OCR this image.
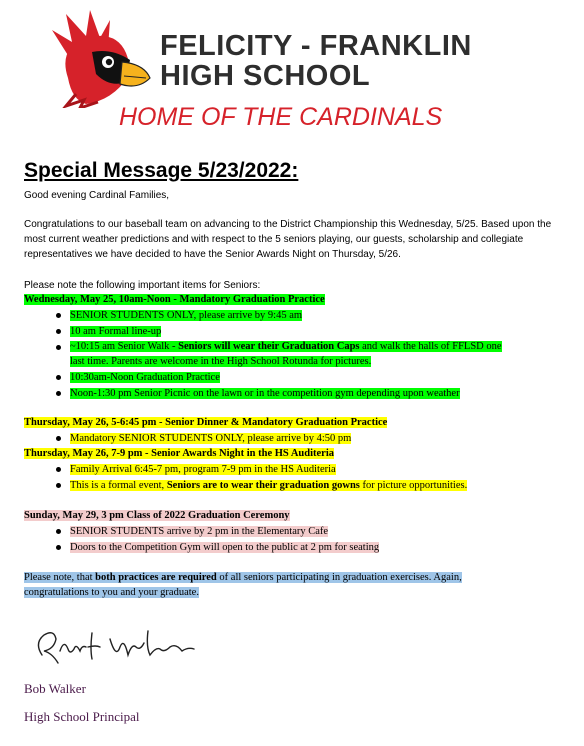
FELICITY - FRANKLIN
HIGH SCHOOL
HOME OF THE CARDINALS
Special Message 5/23/2022:
Good evening Cardinal Families,
Congratulations to our baseball team on advancing to the District Championship this Wednesday, 5/25. Based upon the most current weather predictions and with respect to the 5 seniors playing, our guests, scholarship and collegiate representatives we have decided to have the Senior Awards Night on Thursday, 5/26.
Please note the following important items for Seniors:
Wednesday, May 25, 10am-Noon - Mandatory Graduation Practice
SENIOR STUDENTS ONLY, please arrive by 9:45 am
10 am Formal line-up
~10:15 am Senior Walk - Seniors will wear their Graduation Caps and walk the halls of FFLSD one
last time. Parents are welcome in the High School Rotunda for pictures.
10:30am-Noon Graduation Practice
Noon-1:30 pm Senior Picnic on the lawn or in the competition gym depending upon weather
Thursday, May 26, 5-6:45 pm - Senior Dinner & Mandatory Graduation Practice
Mandatory SENIOR STUDENTS ONLY, please arrive by 4:50 pm
Thursday, May 26, 7-9 pm - Senior Awards Night in the HS Auditeria
Family Arrival 6:45-7 pm, program 7-9 pm in the HS Auditeria
This is a formal event, Seniors are to wear their graduation gowns for picture opportunities.
Sunday, May 29, 3 pm Class of 2022 Graduation Ceremony
SENIOR STUDENTS arrive by 2 pm in the Elementary Cafe
Doors to the Competition Gym will open to the public at 2 pm for seating
Please note, that both practices are required of all seniors participating in graduation exercises. Again,
congratulations to you and your graduate.
Bob Walker
High School Principal
